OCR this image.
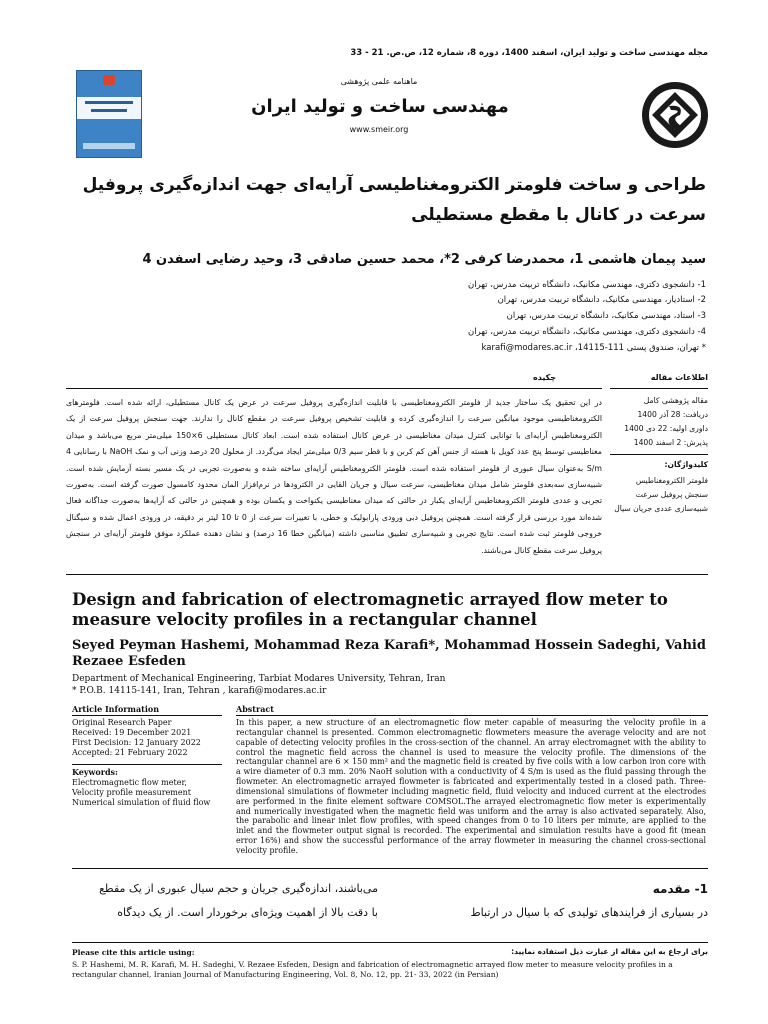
مجله مهندسی ساخت و تولید ایران، اسفند 1400، دوره 8، شماره 12، ص.ص. 21 - 33
ماهنامه علمی پژوهشی
مهندسی ساخت و تولید ایران
www.smeir.org
طراحی و ساخت فلومتر الکترومغناطیسی آرایه‌ای جهت اندازه‌گیری پروفیل سرعت در کانال با مقطع مستطیلی
سید پیمان هاشمی 1، محمدرضا کرفی 2*، محمد حسین صادقی 3، وحید رضایی اسفدن 4
1- دانشجوی دکتری، مهندسی مکانیک، دانشگاه تربیت مدرس، تهران
2- استادیار، مهندسی مکانیک، دانشگاه تربیت مدرس، تهران
3- استاد، مهندسی مکانیک، دانشگاه تربیت مدرس، تهران
4- دانشجوی دکتری، مهندسی مکانیک، دانشگاه تربیت مدرس، تهران
* تهران، صندوق پستی 111-14115، karafi@modares.ac.ir
اطلاعات مقاله
چکیده
مقاله پژوهشی کامل
دریافت: 28 آذر 1400
داوری اولیه: 22 دی 1400
پذیرش: 2 اسفند 1400
کلیدواژگان:
فلومتر الکترومغناطیس
سنجش پروفیل سرعت
شبیه‌سازی عددی جریان سیال
در این تحقیق یک ساختار جدید از فلومتر الکترومغناطیسی با قابلیت اندازه‌گیری پروفیل سرعت در عرض یک کانال مستطیلی، ارائه شده است. فلومترهای الکترومغناطیسی موجود میانگین سرعت را اندازه‌گیری کرده و قابلیت تشخیص پروفیل سرعت در مقطع کانال را ندارند. جهت سنجش پروفیل سرعت از یک الکترومغناطیس آرایه‌ای با توانایی کنترل میدان مغناطیسی در عرض کانال استفاده شده است. ابعاد کانال مستطیلی 6×150 میلی‌متر مربع می‌باشد و میدان مغناطیسی توسط پنج عدد کویل با هسته از جنس آهن کم کربن و با قطر سیم 0/3 میلی‌متر ایجاد می‌گردد. از محلول 20 درصد وزنی آب و نمک NaOH با رسانایی 4 S/m به‌عنوان سیال عبوری از فلومتر استفاده شده است. فلومتر الکترومغناطیس آرایه‌ای ساخته شده و به‌صورت تجربی در یک مسیر بسته آزمایش شده است. شبیه‌سازی سه‌بعدی فلومتر شامل میدان مغناطیسی، سرعت سیال و جریان القایی در الکترودها در نرم‌افزار المان محدود کامسول صورت گرفته است. به‌صورت تجربی و عددی فلومتر الکترومغناطیس آرایه‌ای یکبار در حالتی که میدان مغناطیسی یکنواخت و یکسان بوده و همچنین در حالتی که آرایه‌ها به‌صورت جداگانه فعال شده‌اند مورد بررسی قرار گرفته است. همچنین پروفیل دبی ورودی پارابولیک و خطی، با تغییرات سرعت از 0 تا 10 لیتر بر دقیقه، در ورودی اعمال شده و سیگنال خروجی فلومتر ثبت شده است. نتایج تجربی و شبیه‌سازی تطبیق مناسبی داشته (میانگین خطا 16 درصد) و نشان دهنده عملکرد موفق فلومتر آرایه‌ای در سنجش پروفیل سرعت مقطع کانال می‌باشند.
Design and fabrication of electromagnetic arrayed flow meter to measure velocity profiles in a rectangular channel
Seyed Peyman Hashemi, Mohammad Reza Karafi*, Mohammad Hossein Sadeghi, Vahid Rezaee Esfeden
Department of Mechanical Engineering, Tarbiat Modares University, Tehran, Iran
* P.O.B. 14115-141, Iran, Tehran , karafi@modares.ac.ir
Article Information	Abstract
Original Research Paper
Received: 19 December 2021
First Decision: 12 January 2022
Accepted: 21 February 2022
Keywords:
Electromagnetic flow meter,
Velocity profile measurement
Numerical simulation of fluid flow
In this paper, a new structure of an electromagnetic flow meter capable of measuring the velocity profile in a rectangular channel is presented. Common electromagnetic flowmeters measure the average velocity and are not capable of detecting velocity profiles in the cross-section of the channel. An array electromagnet with the ability to control the magnetic field across the channel is used to measure the velocity profile. The dimensions of the rectangular channel are 6 × 150 mm² and the magnetic field is created by five coils with a low carbon iron core with a wire diameter of 0.3 mm. 20% NaoH solution with a conductivity of 4 S/m is used as the fluid passing through the flowmeter. An electromagnetic arrayed flowmeter is fabricated and experimentally tested in a closed path. Three-dimensional simulations of flowmeter including magnetic field, fluid velocity and induced current at the electrodes are performed in the finite element software COMSOL.The arrayed electromagnetic flow meter is experimentally and numerically investigated when the magnetic field was uniform and the array is also activated separately. Also, the parabolic and linear inlet flow profiles, with speed changes from 0 to 10 liters per minute, are applied to the inlet and the flowmeter output signal is recorded. The experimental and simulation results have a good fit (mean error 16%) and show the successful performance of the array flowmeter in measuring the channel cross-sectional velocity profile.
1- مقدمه
در بسیاری از فرایندهای تولیدی که با سیال در ارتباط
می‌باشند، اندازه‌گیری جریان و حجم سیال عبوری از یک مقطع
با دقت بالا از اهمیت ویژه‌ای برخوردار است. از یک دیدگاه
برای ارجاع به این مقاله از عبارت ذیل استفاده نمایید:
Please cite this article using:
S. P. Hashemi, M. R. Karafi, M. H. Sadeghi, V. Rezaee Esfeden, Design and fabrication of electromagnetic arrayed flow meter to measure velocity profiles in a rectangular channel, Iranian Journal of Manufacturing Engineering, Vol. 8, No. 12, pp. 21- 33, 2022 (in Persian)
